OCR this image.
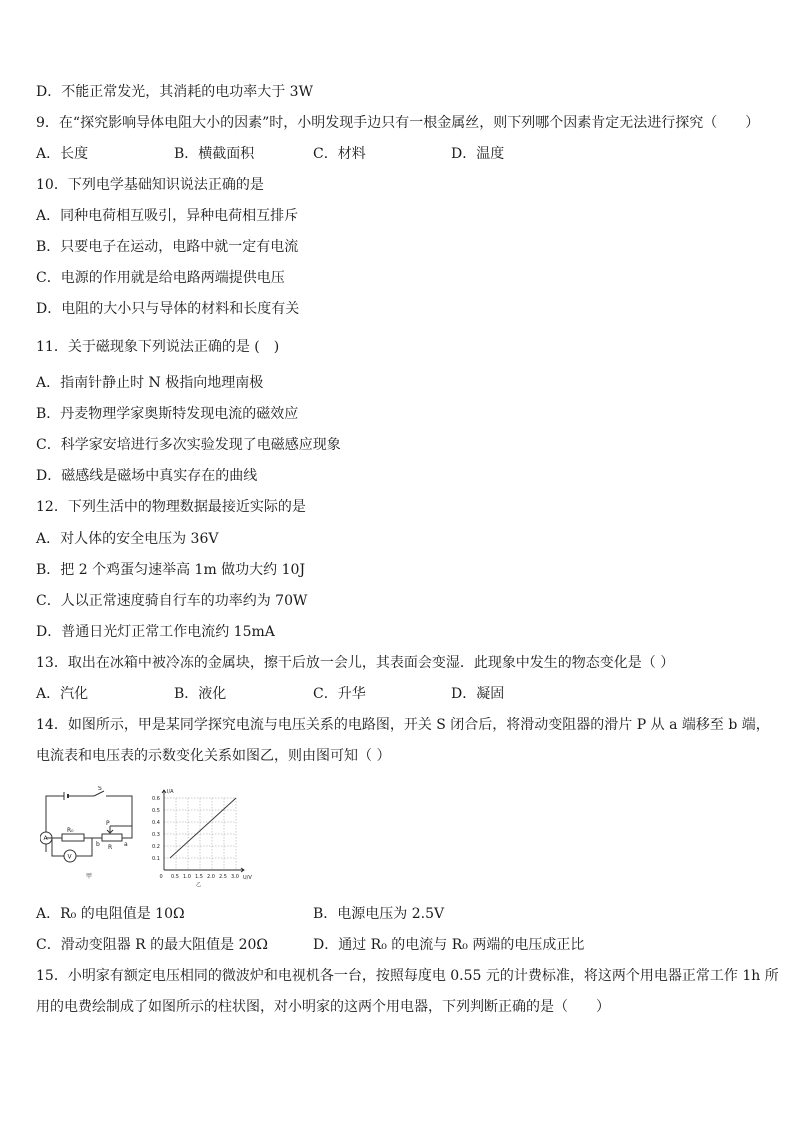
D．不能正常发光，其消耗的电功率大于 3W
9．在“探究影响导体电阻大小的因素”时，小明发现手边只有一根金属丝，则下列哪个因素肯定无法进行探究（　　）
A．长度	B．横截面积	C．材料	D．温度
10．下列电学基础知识说法正确的是
A．同种电荷相互吸引，异种电荷相互排斥
B．只要电子在运动，电路中就一定有电流
C．电源的作用就是给电路两端提供电压
D．电阻的大小只与导体的材料和长度有关
11．关于磁现象下列说法正确的是 (　)
A．指南针静止时 N 极指向地理南极
B．丹麦物理学家奥斯特发现电流的磁效应
C．科学家安培进行多次实验发现了电磁感应现象
D．磁感线是磁场中真实存在的曲线
12．下列生活中的物理数据最接近实际的是
A．对人体的安全电压为 36V
B．把 2 个鸡蛋匀速举高 1m 做功大约 10J
C．人以正常速度骑自行车的功率约为 70W
D．普通日光灯正常工作电流约 15mA
13．取出在冰箱中被冷冻的金属块，擦干后放一会儿，其表面会变湿．此现象中发生的物态变化是（ ）
A．汽化	B．液化	C．升华	D．凝固
14．如图所示，甲是某同学探究电流与电压关系的电路图，开关 S 闭合后，将滑动变阻器的滑片 P 从 a 端移至 b 端，
电流表和电压表的示数变化关系如图乙，则由图可知（ ）
S
A
V
R₀
P
R
b	a
甲
I/A
U/V
0
0.6
0.5
0.4
0.3
0.2
0.1
0.5 1.0 1.5 2.0 2.5 3.0
乙
A．R₀ 的电阻值是 10Ω	B．电源电压为 2.5V
C．滑动变阻器 R 的最大阻值是 20Ω	D．通过 R₀ 的电流与 R₀ 两端的电压成正比
15．小明家有额定电压相同的微波炉和电视机各一台，按照每度电 0.55 元的计费标准，将这两个用电器正常工作 1h 所
用的电费绘制成了如图所示的柱状图，对小明家的这两个用电器，下列判断正确的是（　　）
